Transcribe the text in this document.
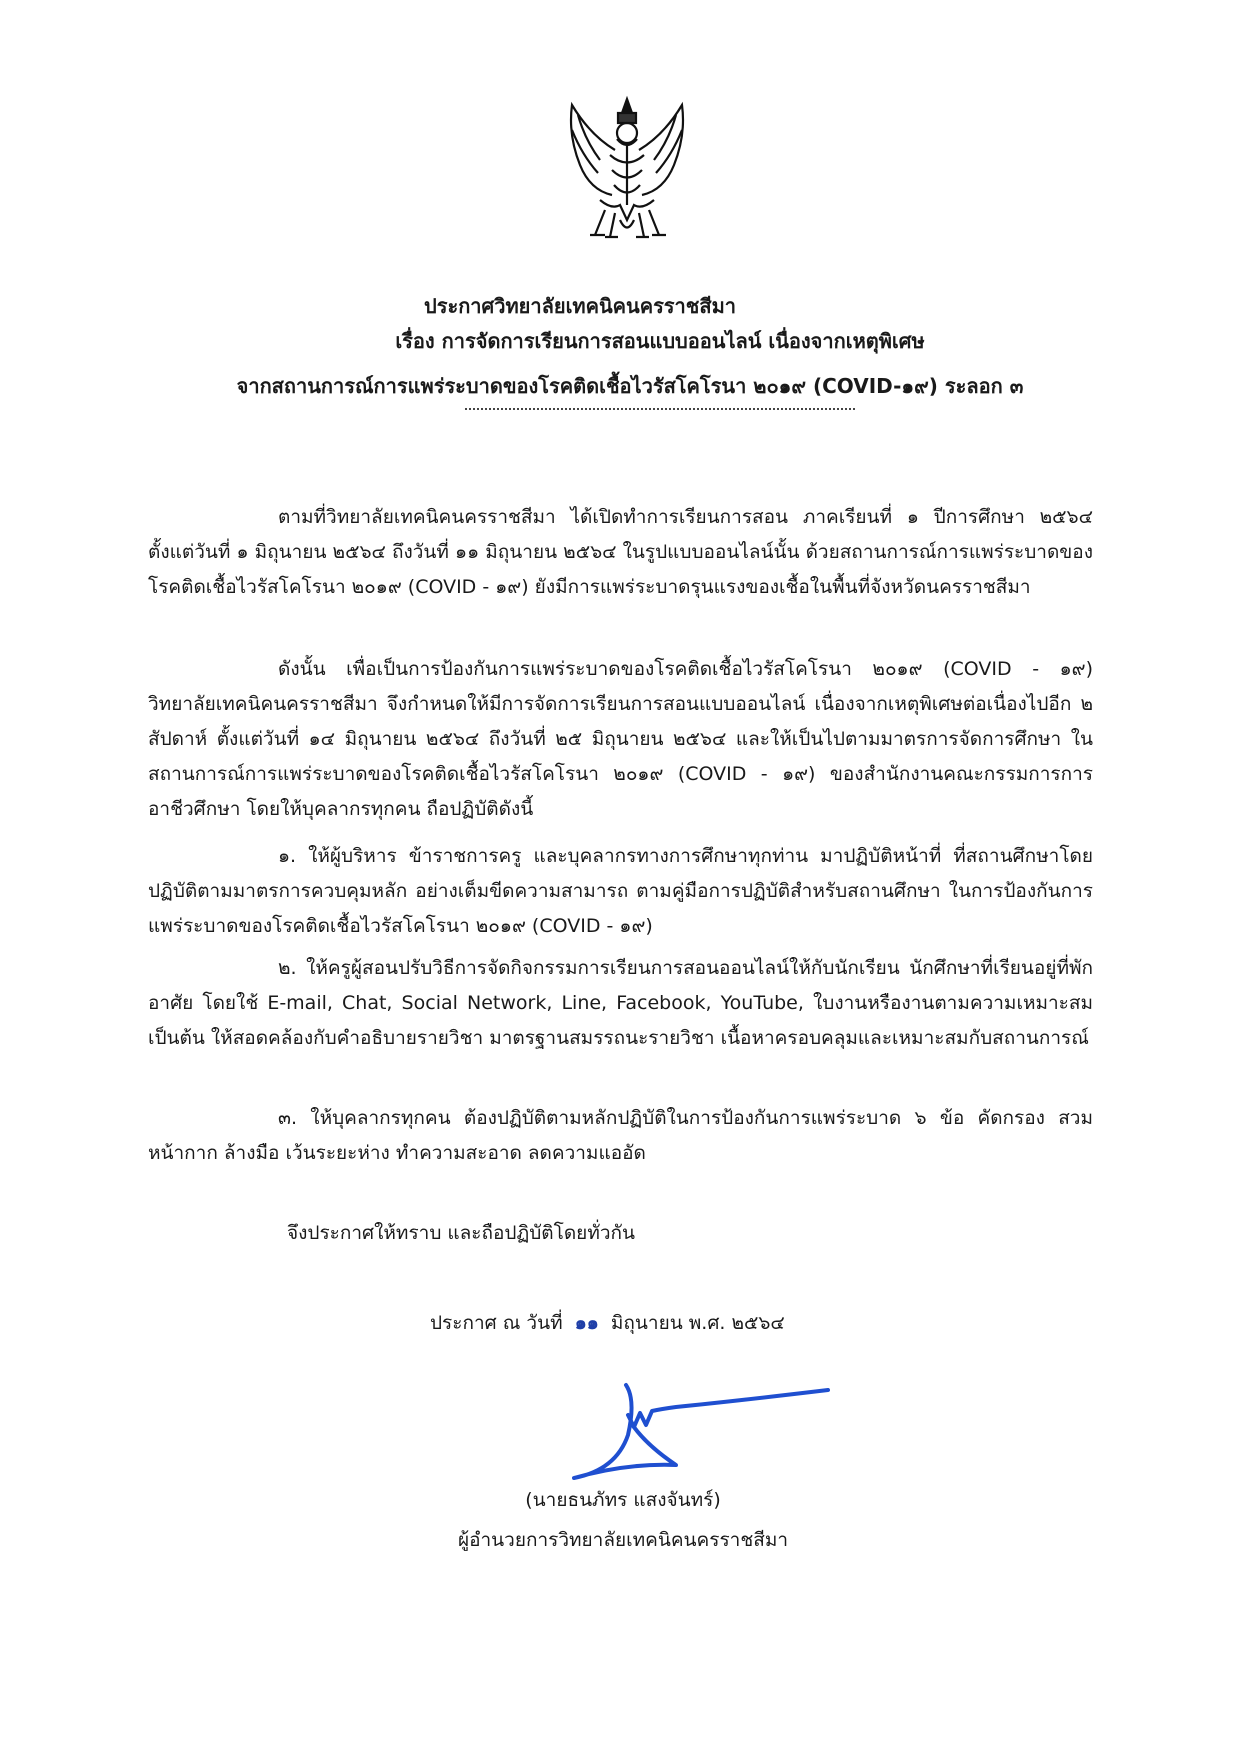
ประกาศวิทยาลัยเทคนิคนครราชสีมา
เรื่อง การจัดการเรียนการสอนแบบออนไลน์ เนื่องจากเหตุพิเศษ
จากสถานการณ์การแพร่ระบาดของโรคติดเชื้อไวรัสโคโรนา ๒๐๑๙ (COVID-๑๙) ระลอก ๓
ตามที่วิทยาลัยเทคนิคนครราชสีมา ได้เปิดทำการเรียนการสอน ภาคเรียนที่ ๑ ปีการศึกษา ๒๕๖๔ ตั้งแต่วันที่ ๑ มิถุนายน ๒๕๖๔ ถึงวันที่ ๑๑ มิถุนายน ๒๕๖๔ ในรูปแบบออนไลน์นั้น ด้วยสถานการณ์การแพร่ระบาดของโรคติดเชื้อไวรัสโคโรนา ๒๐๑๙ (COVID - ๑๙) ยังมีการแพร่ระบาดรุนแรงของเชื้อในพื้นที่จังหวัดนครราชสีมา
ดังนั้น เพื่อเป็นการป้องกันการแพร่ระบาดของโรคติดเชื้อไวรัสโคโรนา ๒๐๑๙ (COVID - ๑๙) วิทยาลัยเทคนิคนครราชสีมา จึงกำหนดให้มีการจัดการเรียนการสอนแบบออนไลน์ เนื่องจากเหตุพิเศษต่อเนื่องไปอีก ๒ สัปดาห์ ตั้งแต่วันที่ ๑๔ มิถุนายน ๒๕๖๔ ถึงวันที่ ๒๕ มิถุนายน ๒๕๖๔ และให้เป็นไปตามมาตรการจัดการศึกษา ในสถานการณ์การแพร่ระบาดของโรคติดเชื้อไวรัสโคโรนา ๒๐๑๙ (COVID - ๑๙) ของสำนักงานคณะกรรมการการอาชีวศึกษา โดยให้บุคลากรทุกคน ถือปฏิบัติดังนี้
๑. ให้ผู้บริหาร ข้าราชการครู และบุคลากรทางการศึกษาทุกท่าน มาปฏิบัติหน้าที่ ที่สถานศึกษาโดยปฏิบัติตามมาตรการควบคุมหลัก อย่างเต็มขีดความสามารถ ตามคู่มือการปฏิบัติสำหรับสถานศึกษา ในการป้องกันการแพร่ระบาดของโรคติดเชื้อไวรัสโคโรนา ๒๐๑๙ (COVID - ๑๙)
๒. ให้ครูผู้สอนปรับวิธีการจัดกิจกรรมการเรียนการสอนออนไลน์ให้กับนักเรียน นักศึกษาที่เรียนอยู่ที่พักอาศัย โดยใช้ E-mail, Chat, Social Network, Line, Facebook, YouTube, ใบงานหรืองานตามความเหมาะสม เป็นต้น ให้สอดคล้องกับคำอธิบายรายวิชา มาตรฐานสมรรถนะรายวิชา เนื้อหาครอบคลุมและเหมาะสมกับสถานการณ์
๓. ให้บุคลากรทุกคน ต้องปฏิบัติตามหลักปฏิบัติในการป้องกันการแพร่ระบาด ๖ ข้อ คัดกรอง สวมหน้ากาก ล้างมือ เว้นระยะห่าง ทำความสะอาด ลดความแออัด
จึงประกาศให้ทราบ และถือปฏิบัติโดยทั่วกัน
ประกาศ ณ วันที่ ๑๑ มิถุนายน พ.ศ. ๒๕๖๔
(นายธนภัทร แสงจันทร์)
ผู้อำนวยการวิทยาลัยเทคนิคนครราชสีมา
